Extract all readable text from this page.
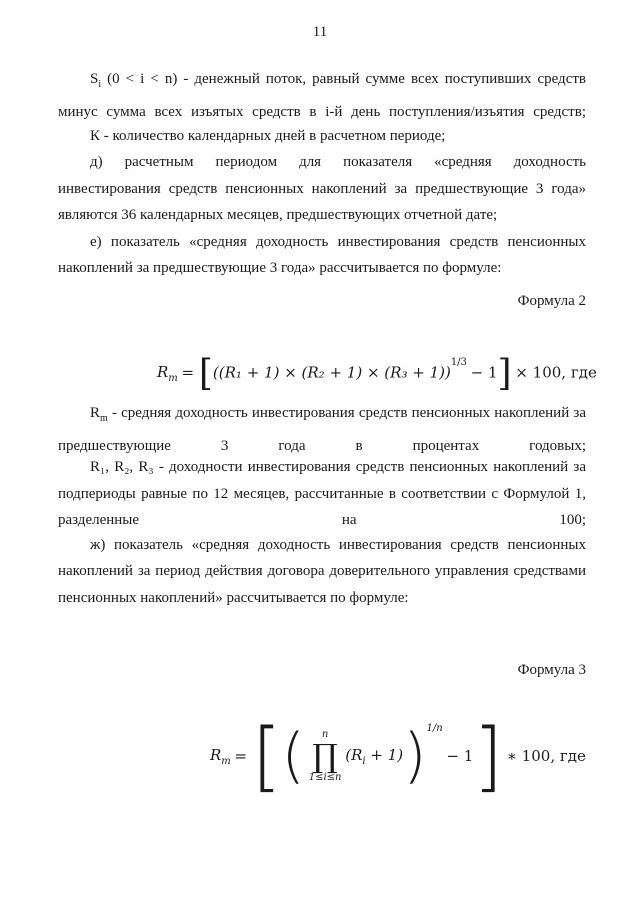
11
$S_i$ (0 < i < n) - денежный поток, равный сумме всех поступивших средств минус сумма всех изъятых средств в i-й день поступления/изъятия средств;
К - количество календарных дней в расчетном периоде;
д) расчетным периодом для показателя «средняя доходность
инвестирования средств пенсионных накоплений за предшествующие 3 года»
являются 36 календарных месяцев, предшествующих отчетной дате;
е) показатель «средняя доходность инвестирования средств пенсионных
накоплений за предшествующие 3 года» рассчитывается по формуле:
Формула 2
$R_m = [((R_1 + 1) \times (R_2 + 1) \times (R_3 + 1))^{1/3} - 1] \times 100$, где
$R_m$ - средняя доходность инвестирования средств пенсионных накоплений за предшествующие 3 года в процентах годовых;
R₁, R₂, R₃ - доходности инвестирования средств пенсионных накоплений за подпериоды равные по 12 месяцев, рассчитанные в соответствии с Формулой 1, разделенные на 100;
ж) показатель «средняя доходность инвестирования средств пенсионных
накоплений за период действия договора доверительного управления средствами
пенсионных накоплений» рассчитывается по формуле:
Формула 3
$R_m$ = [(	n
∏
1≤i≤n
$(R_i + 1))^{1/n} - 1$] ∗ 100, где
